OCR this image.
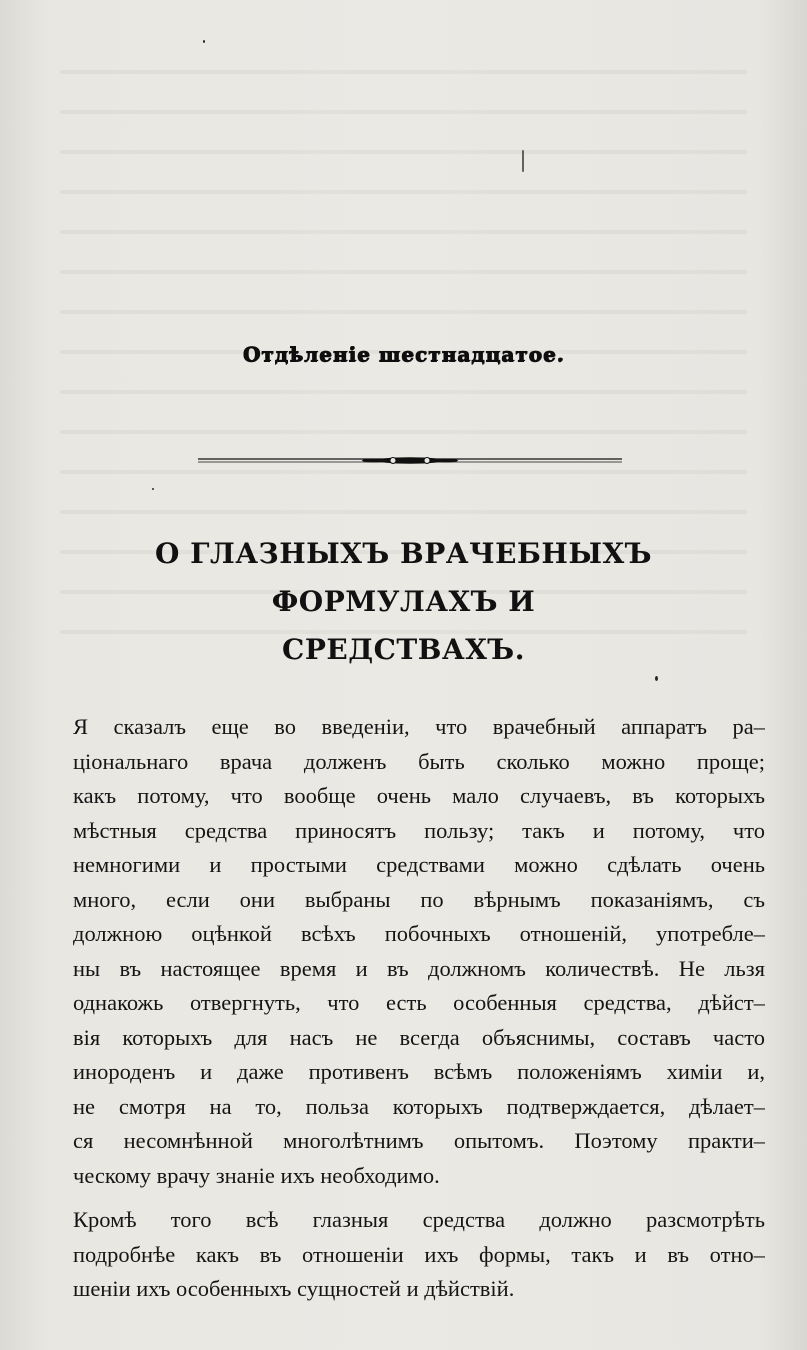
Отдѣленіе шестнадцатое.
О ГЛАЗНЫХЪ ВРАЧЕБНЫХЪ ФОРМУЛАХЪ И
СРЕДСТВАХЪ.
Я сказалъ еще во введеніи, что врачебный аппаратъ ра–
ціональнаго врача долженъ быть сколько можно проще;
какъ потому, что вообще очень мало случаевъ, въ которыхъ
мѣстныя средства приносятъ пользу; такъ и потому, что
немногими и простыми средствами можно сдѣлать очень
много, если они выбраны по вѣрнымъ показаніямъ, съ
должною оцѣнкой всѣхъ побочныхъ отношеній, употребле–
ны въ настоящее время и въ должномъ количествѣ. Не льзя
однакожь отвергнуть, что есть особенныя средства, дѣйст–
вія которыхъ для насъ не всегда объяснимы, составъ часто
инороденъ и даже противенъ всѣмъ положеніямъ химіи и,
не смотря на то, польза которыхъ подтверждается, дѣлает–
ся несомнѣнной многолѣтнимъ опытомъ. Поэтому практи–
ческому врачу знаніе ихъ необходимо.
Кромѣ того всѣ глазныя средства должно разсмотрѣть
подробнѣе какъ въ отношеніи ихъ формы, такъ и въ отно–
шеніи ихъ особенныхъ сущностей и дѣйствій.
